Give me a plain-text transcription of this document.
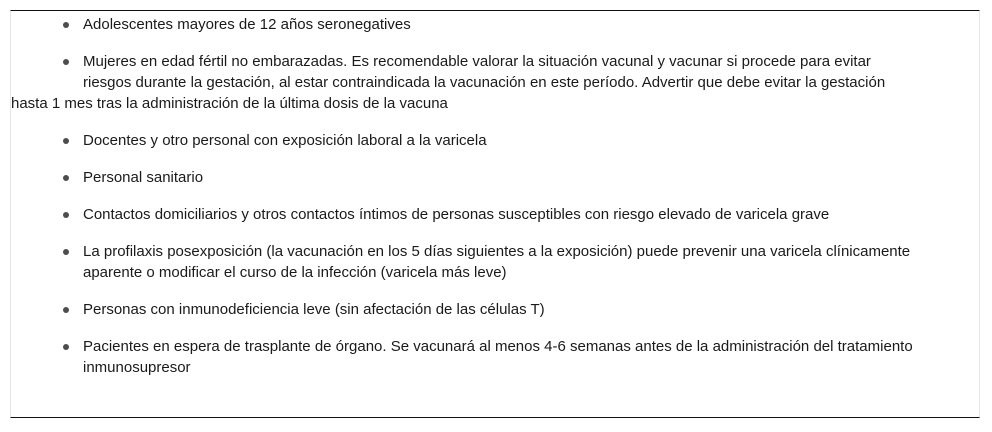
Adolescentes mayores de 12 años seronegatives
Mujeres en edad fértil no embarazadas. Es recomendable valorar la situación vacunal y vacunar si procede para evitar
riesgos durante la gestación, al estar contraindicada la vacunación en este período. Advertir que debe evitar la gestación
hasta 1 mes tras la administración de la última dosis de la vacuna
Docentes y otro personal con exposición laboral a la varicela
Personal sanitario
Contactos domiciliarios y otros contactos íntimos de personas susceptibles con riesgo elevado de varicela grave
La profilaxis posexposición (la vacunación en los 5 días siguientes a la exposición) puede prevenir una varicela clínicamente aparente o modificar el curso de la infección (varicela más leve)
Personas con inmunodeficiencia leve (sin afectación de las células T)
Pacientes en espera de trasplante de órgano. Se vacunará al menos 4-6 semanas antes de la administración del tratamiento inmunosupresor
